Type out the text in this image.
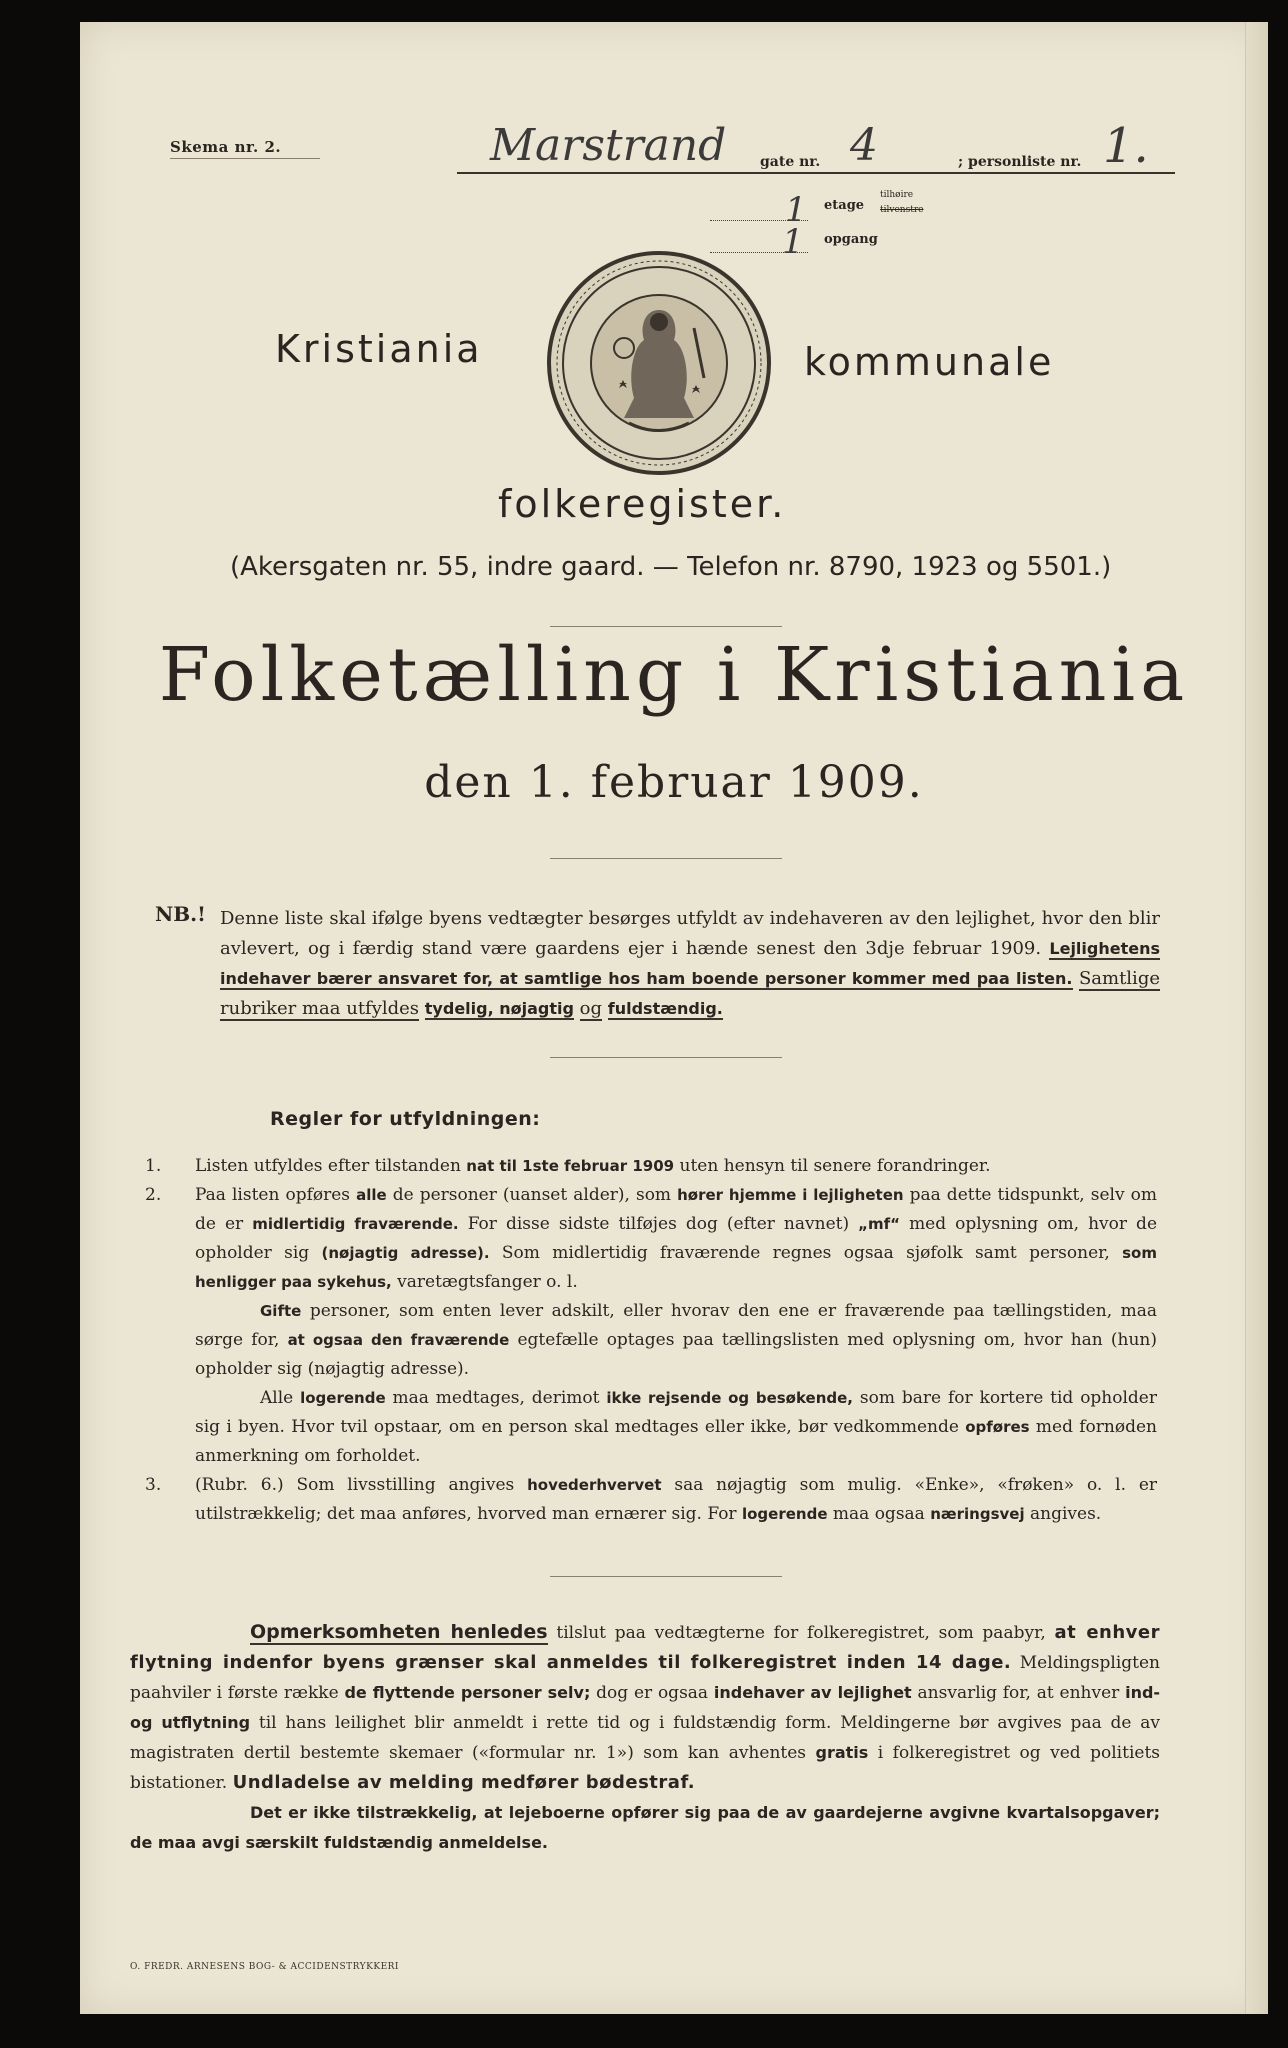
Skema nr. 2.	Marstrand gate nr. 4	; personliste nr. 1.
1 etage
tilhøire
tilvenstre
1 opgang
Kristiania	kommunale
folkeregister.
(Akersgaten nr. 55, indre gaard. — Telefon nr. 8790, 1923 og 5501.)
Folketælling i Kristiania
den 1. februar 1909.
NB.! Denne liste skal ifølge byens vedtægter besørges utfyldt av indehaveren av den lejlighet, hvor den blir avlevert, og i færdig stand være gaardens ejer i hænde senest den 3dje februar 1909. Lejlighetens indehaver bærer ansvaret for, at samtlige hos ham boende personer kommer med paa listen. Samtlige rubriker maa utfyldes tydelig, nøjagtig og fuldstændig.
Regler for utfyldningen:
1. Listen utfyldes efter tilstanden nat til 1ste februar 1909 uten hensyn til senere forandringer.
2. Paa listen opføres alle de personer (uanset alder), som hører hjemme i lejligheten paa dette tidspunkt, selv om de er midlertidig fraværende. For disse sidste tilføjes dog (efter navnet) „mf“ med oplysning om, hvor de opholder sig (nøjagtig adresse). Som midlertidig fraværende regnes ogsaa sjøfolk samt personer, som henligger paa sykehus, varetægtsfanger o. l.
Gifte personer, som enten lever adskilt, eller hvorav den ene er fraværende paa tællingstiden, maa sørge for, at ogsaa den fraværende egtefælle optages paa tællingslisten med oplysning om, hvor han (hun) opholder sig (nøjagtig adresse).
Alle logerende maa medtages, derimot ikke rejsende og besøkende, som bare for kortere tid opholder sig i byen. Hvor tvil opstaar, om en person skal medtages eller ikke, bør vedkommende opføres med fornøden anmerkning om forholdet.
3. (Rubr. 6.) Som livsstilling angives hovederhvervet saa nøjagtig som mulig. «Enke», «frøken» o. l. er utilstrækkelig; det maa anføres, hvorved man ernærer sig. For logerende maa ogsaa næringsvej angives.
Opmerksomheten henledes tilslut paa vedtægterne for folkeregistret, som paabyr, at enhver flytning indenfor byens grænser skal anmeldes til folkeregistret inden 14 dage. Meldingspligten paahviler i første række de flyttende personer selv; dog er ogsaa indehaver av lejlighet ansvarlig for, at enhver ind- og utflytning til hans leilighet blir anmeldt i rette tid og i fuldstændig form. Meldingerne bør avgives paa de av magistraten dertil bestemte skemaer («formular nr. 1») som kan avhentes gratis i folkeregistret og ved politiets bistationer. Undladelse av melding medfører bødestraf.
Det er ikke tilstrækkelig, at lejeboerne opfører sig paa de av gaardejerne avgivne kvartalsopgaver; de maa avgi særskilt fuldstændig anmeldelse.
O. FREDR. ARNESENS BOG- & ACCIDENSTRYKKERI
